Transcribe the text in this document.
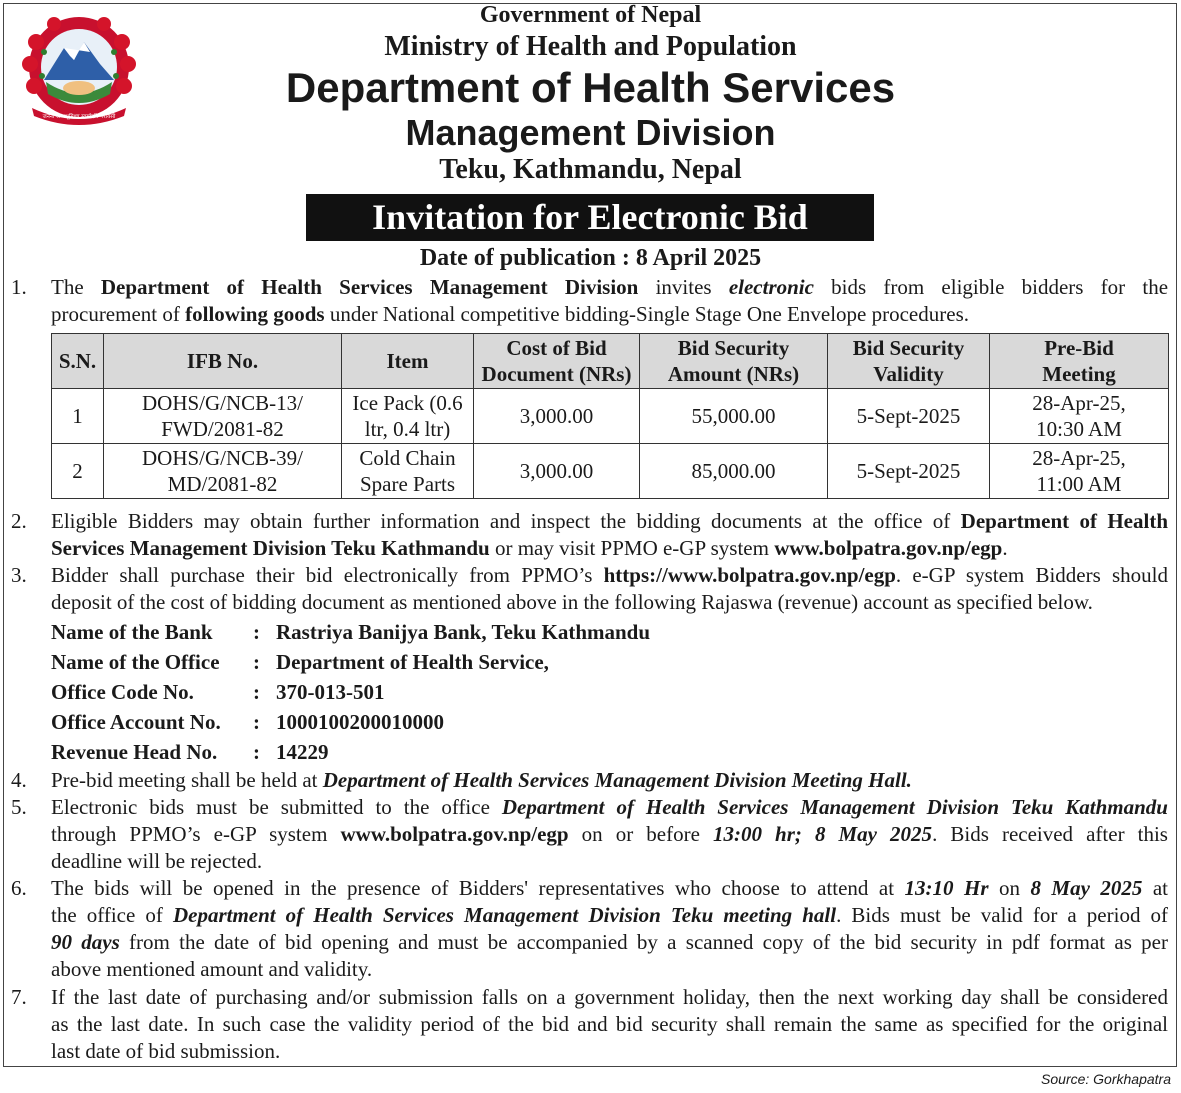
जननी जन्मभूमिश्च स्वर्गादपि गरीयसी
Government of Nepal
Ministry of Health and Population
Department of Health Services
Management Division
Teku, Kathmandu, Nepal
Invitation for Electronic Bid
Date of publication : 8 April 2025
1. The Department of Health Services Management Division invites electronic bids from eligible bidders for the
procurement of following goods under National competitive bidding-Single Stage One Envelope procedures.
S.N.	IFB No.	Item	Cost of Bid
Document (NRs)	Bid Security
Amount (NRs)	Bid Security
Validity	Pre-Bid
Meeting
1	DOHS/G/NCB-13/
FWD/2081-82	Ice Pack (0.6
ltr, 0.4 ltr)	3,000.00	55,000.00	5-Sept-2025	28-Apr-25,
10:30 AM
2	DOHS/G/NCB-39/
MD/2081-82	Cold Chain
Spare Parts	3,000.00	85,000.00	5-Sept-2025	28-Apr-25,
11:00 AM
2. Eligible Bidders may obtain further information and inspect the bidding documents at the office of Department of Health
Services Management Division Teku Kathmandu or may visit PPMO e-GP system www.bolpatra.gov.np/egp.
3. Bidder shall purchase their bid electronically from PPMO’s https://www.bolpatra.gov.np/egp. e-GP system Bidders should
deposit of the cost of bidding document as mentioned above in the following Rajaswa (revenue) account as specified below.
Name of the Bank : Rastriya Banijya Bank, Teku Kathmandu
Name of the Office : Department of Health Service,
Office Code No.	: 370-013-501
Office Account No. : 1000100200010000
Revenue Head No. : 14229
4. Pre-bid meeting shall be held at Department of Health Services Management Division Meeting Hall.
5. Electronic bids must be submitted to the office Department of Health Services Management Division Teku Kathmandu
through PPMO’s e-GP system www.bolpatra.gov.np/egp on or before 13:00 hr; 8 May 2025. Bids received after this
deadline will be rejected.
6. The bids will be opened in the presence of Bidders' representatives who choose to attend at 13:10 Hr on 8 May 2025 at
the office of Department of Health Services Management Division Teku meeting hall. Bids must be valid for a period of
90 days from the date of bid opening and must be accompanied by a scanned copy of the bid security in pdf format as per
above mentioned amount and validity.
7. If the last date of purchasing and/or submission falls on a government holiday, then the next working day shall be considered
as the last date. In such case the validity period of the bid and bid security shall remain the same as specified for the original
last date of bid submission.
Source: Gorkhapatra
